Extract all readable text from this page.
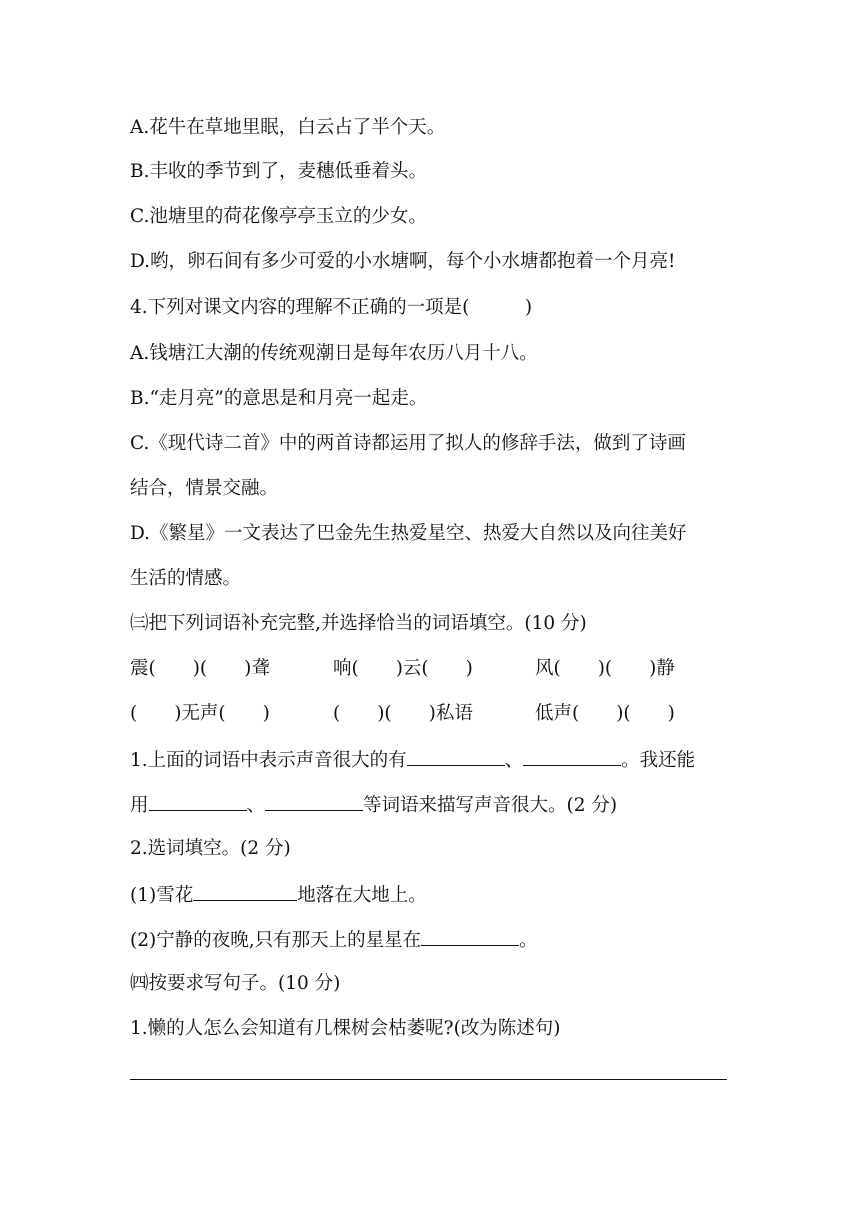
A.花牛在草地里眠，白云占了半个天。
B.丰收的季节到了，麦穗低垂着头。
C.池塘里的荷花像亭亭玉立的少女。
D.哟，卵石间有多少可爱的小水塘啊，每个小水塘都抱着一个月亮!
4.下列对课文内容的理解不正确的一项是(　　　)
A.钱塘江大潮的传统观潮日是每年农历八月十八。
B.“走月亮”的意思是和月亮一起走。
C.《现代诗二首》中的两首诗都运用了拟人的修辞手法，做到了诗画
结合，情景交融。
D.《繁星》一文表达了巴金先生热爱星空、热爱大自然以及向往美好
生活的情感。
㈢把下列词语补充完整,并选择恰当的词语填空。(10 分)
震(　　)(　　)聋	响(　　)云(　　)	风(　　)(　　)静
(　　)无声(　　)	(　　)(　　)私语	低声(　　)(　　)
1.上面的词语中表示声音很大的有	、	。我还能
用	、	等词语来描写声音很大。(2 分)
2.选词填空。(2 分)
(1)雪花	地落在大地上。
(2)宁静的夜晚,只有那天上的星星在	。
㈣按要求写句子。(10 分)
1.懒的人怎么会知道有几棵树会枯萎呢?(改为陈述句)
